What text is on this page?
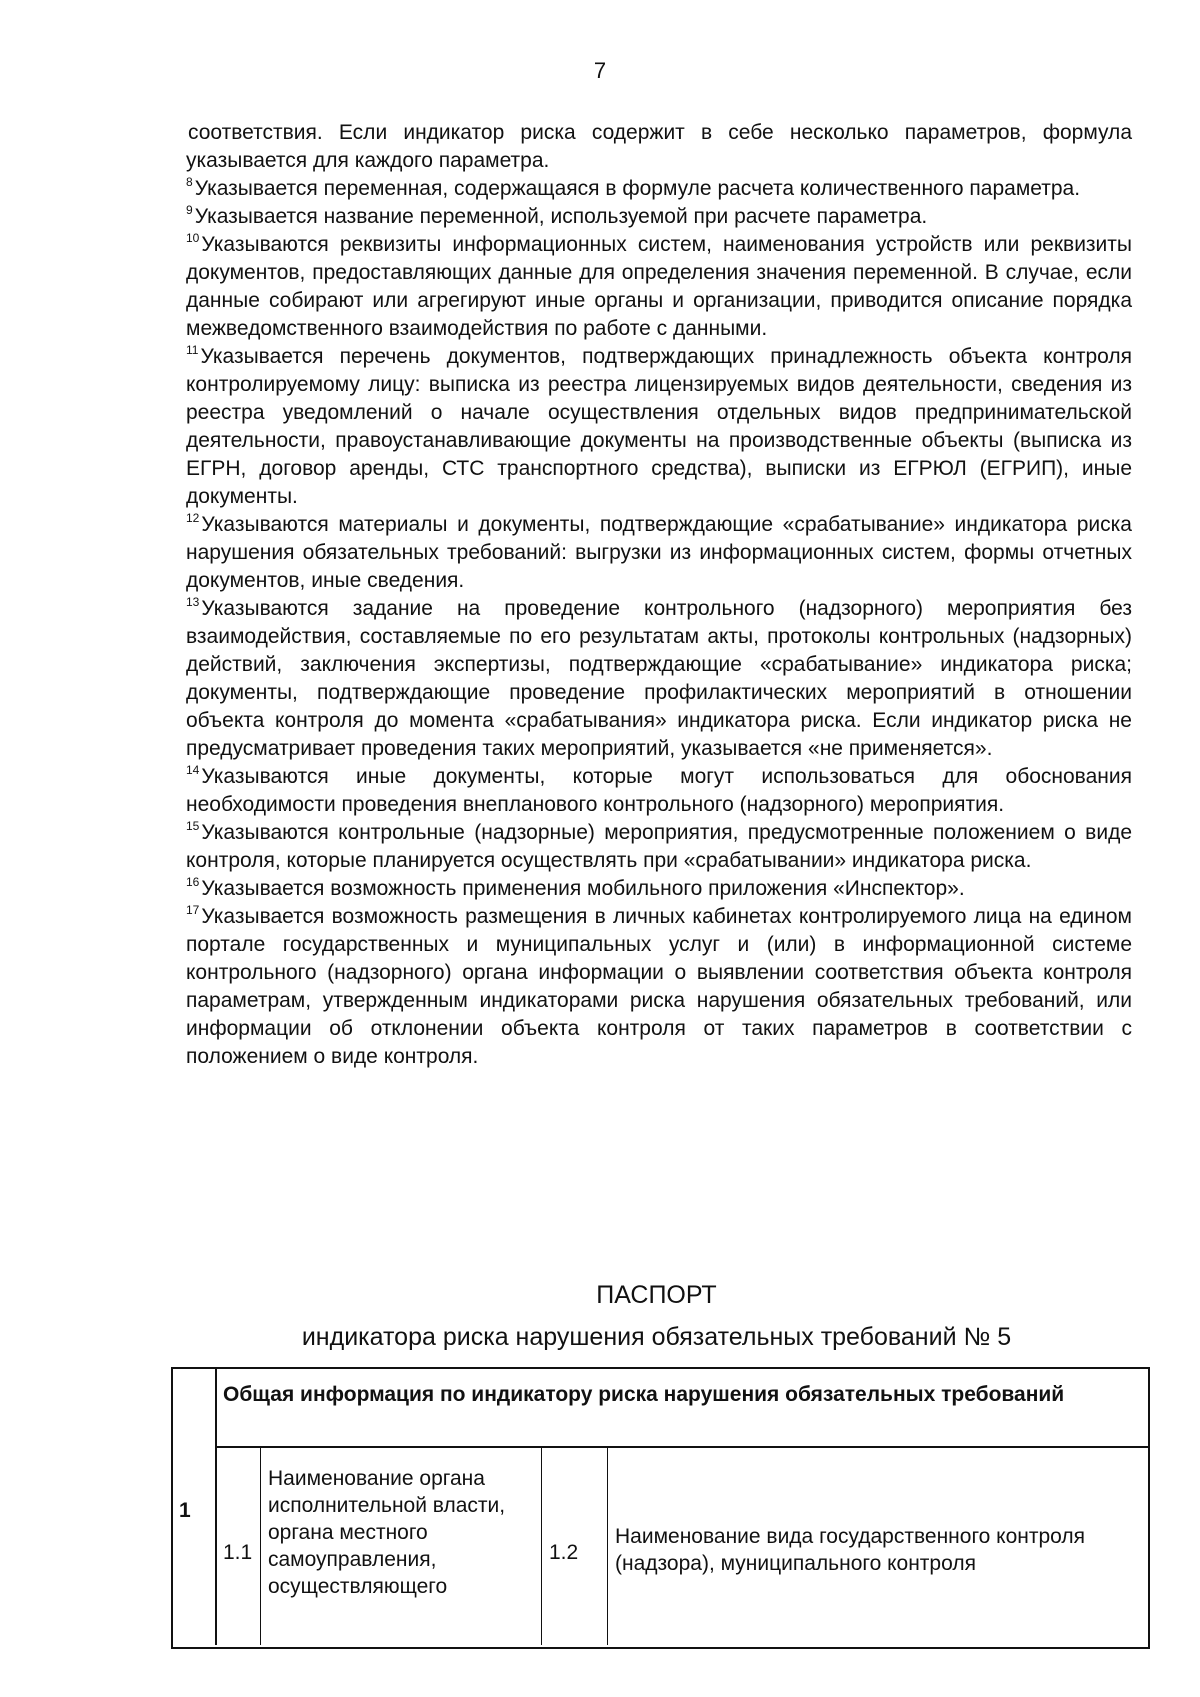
7

соответствия. Если индикатор риска содержит в себе несколько параметров, формула указывается для каждого параметра.

$^8$Указывается переменная, содержащаяся в формуле расчета количественного параметра.

$^9$Указывается название переменной, используемой при расчете параметра.

$^{10}$Указываются реквизиты информационных систем, наименования устройств или реквизиты документов, предоставляющих данные для определения значения переменной. В случае, если данные собирают или агрегируют иные органы и организации, приводится описание порядка межведомственного взаимодействия по работе с данными.

$^{11}$Указывается перечень документов, подтверждающих принадлежность объекта контроля контролируемому лицу: выписка из реестра лицензируемых видов деятельности, сведения из реестра уведомлений о начале осуществления отдельных видов предпринимательской деятельности, правоустанавливающие документы на производственные объекты (выписка из ЕГРН, договор аренды, СТС транспортного средства), выписки из ЕГРЮЛ (ЕГРИП), иные документы.

$^{12}$Указываются материалы и документы, подтверждающие «срабатывание» индикатора риска нарушения обязательных требований: выгрузки из информационных систем, формы отчетных документов, иные сведения.

$^{13}$Указываются задание на проведение контрольного (надзорного) мероприятия без взаимодействия, составляемые по его результатам акты, протоколы контрольных (надзорных) действий, заключения экспертизы, подтверждающие «срабатывание» индикатора риска; документы, подтверждающие проведение профилактических мероприятий в отношении объекта контроля до момента «срабатывания» индикатора риска. Если индикатор риска не предусматривает проведения таких мероприятий, указывается «не применяется».

$^{14}$Указываются иные документы, которые могут использоваться для обоснования необходимости проведения внепланового контрольного (надзорного) мероприятия.

$^{15}$Указываются контрольные (надзорные) мероприятия, предусмотренные положением о виде контроля, которые планируется осуществлять при «срабатывании» индикатора риска.

$^{16}$Указывается возможность применения мобильного приложения «Инспектор».

$^{17}$Указывается возможность размещения в личных кабинетах контролируемого лица на едином портале государственных и муниципальных услуг и (или) в информационной системе контрольного (надзорного) органа информации о выявлении соответствия объекта контроля параметрам, утвержденным индикаторами риска нарушения обязательных требований, или информации об отклонении объекта контроля от таких параметров в соответствии с положением о виде контроля.

ПАСПОРТ
индикатора риска нарушения обязательных требований № 5
1
Общая информация по индикатору риска нарушения обязательных требований
1.1
Наименование органа исполнительной власти, органа местного самоуправления, осуществляющего
1.2
Наименование вида государственного контроля (надзора), муниципального контроля
